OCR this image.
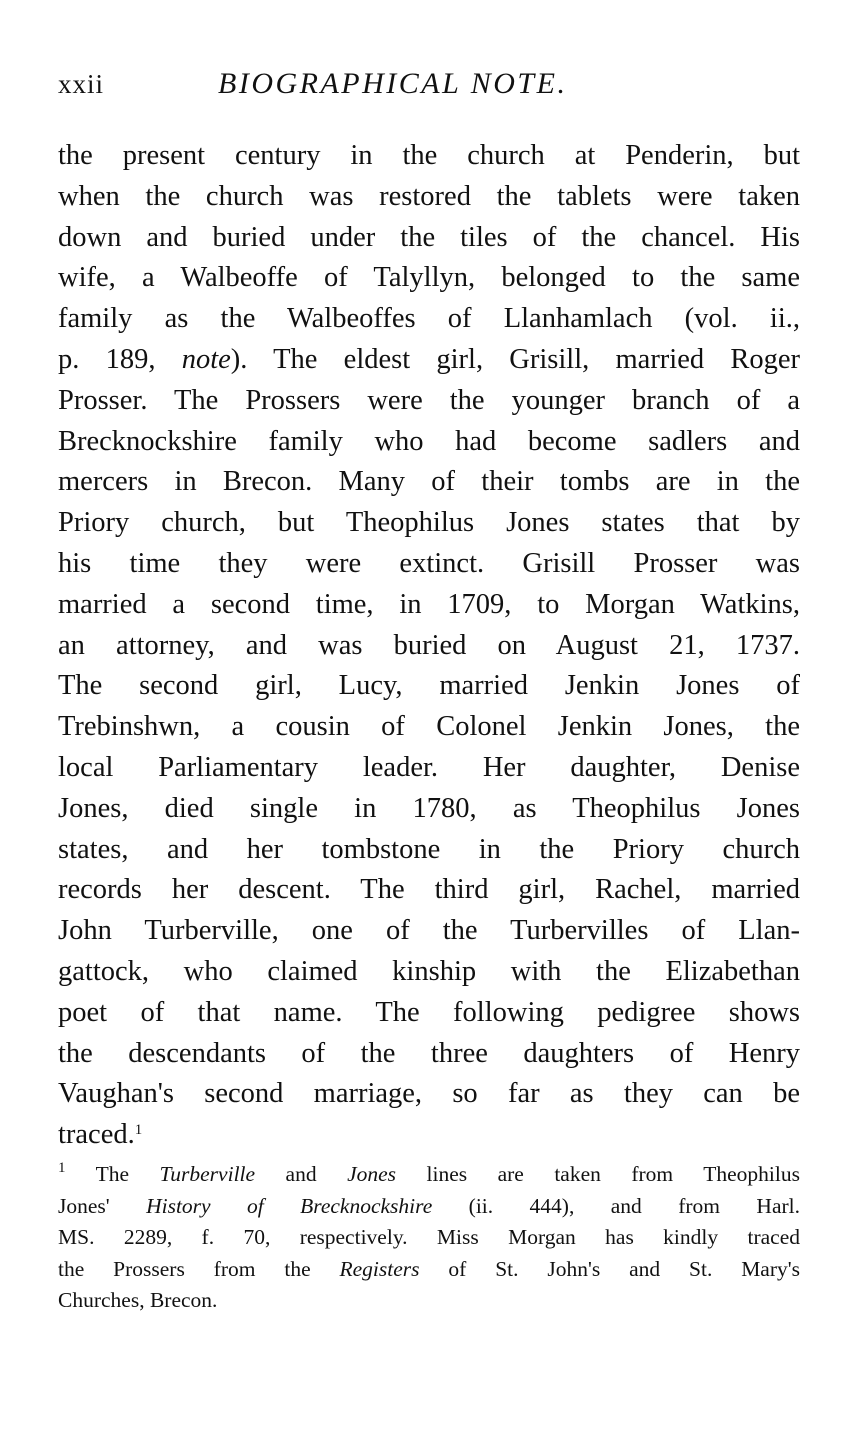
xxii	BIOGRAPHICAL NOTE.
the present century in the church at Penderin, but
when the church was restored the tablets were taken
down and buried under the tiles of the chancel. His
wife, a Walbeoffe of Talyllyn, belonged to the same
family as the Walbeoffes of Llanhamlach (vol. ii.,
p. 189, note). The eldest girl, Grisill, married Roger
Prosser. The Prossers were the younger branch of a
Brecknockshire family who had become sadlers and
mercers in Brecon. Many of their tombs are in the
Priory church, but Theophilus Jones states that by
his time they were extinct. Grisill Prosser was
married a second time, in 1709, to Morgan Watkins,
an attorney, and was buried on August 21, 1737.
The second girl, Lucy, married Jenkin Jones of
Trebinshwn, a cousin of Colonel Jenkin Jones, the
local Parliamentary leader. Her daughter, Denise
Jones, died single in 1780, as Theophilus Jones
states, and her tombstone in the Priory church
records her descent. The third girl, Rachel, married
John Turberville, one of the Turbervilles of Llan-
gattock, who claimed kinship with the Elizabethan
poet of that name. The following pedigree shows
the descendants of the three daughters of Henry
Vaughan's second marriage, so far as they can be
traced.$^1$
$^1$ The Turberville and Jones lines are taken from Theophilus
Jones' History of Brecknockshire (ii. 444), and from Harl.
MS. 2289, f. 70, respectively. Miss Morgan has kindly traced
the Prossers from the Registers of St. John's and St. Mary's
Churches, Brecon.
